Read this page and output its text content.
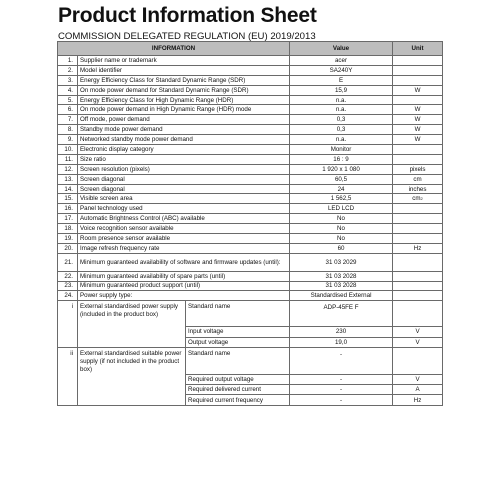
Product Information Sheet
COMMISSION DELEGATED REGULATION (EU) 2019/2013
INFORMATION			Value	Unit
1.	Supplier name or trademark		acer	
2.	Model identifier		SA240Y	
3.	Energy Efficiency Class for Standard Dynamic Range (SDR)		E	
4.	On mode power demand for Standard Dynamic Range (SDR)		15,9	W
5.	Energy Efficiency Class for High Dynamic Range (HDR)		n.a.	
6.	On mode power demand in High Dynamic Range (HDR) mode		n.a.	W
7.	Off mode, power demand		0,3	W
8.	Standby mode power demand		0,3	W
9.	Networked standby mode power demand		n.a.	W
10.	Electronic display category		Monitor	
11.	Size ratio		16 : 9	
12.	Screen resolution (pixels)		1 920 x 1 080	pixels
13.	Screen diagonal		60,5	cm
14.	Screen diagonal		24	inches
15.	Visible screen area		1 562,5	$cm^2$
16.	Panel technology used		LED LCD	
17.	Automatic Brightness Control (ABC) available		No	
18.	Voice recognition sensor available		No	
19.	Room presence sensor available		No	
20.	Image refresh frequency rate		60	Hz
21.	Minimum guaranteed availability of software and firmware updates (until):		31 03 2029	
22.	Minimum guaranteed availability of spare parts (until)		31 03 2028	
23.	Minimum guaranteed product support (until)		31 03 2028	
24.	Power supply type:		Standardised External	
i	External standardised power supply (included in the product box)	Standard name	ADP-45FE F	
		Input voltage	230	V
		Output voltage	19,0	V
ii	External standardised suitable power supply (if not included in the product box)	Standard name	-	
		Required output voltage	-	V
		Required delivered current	-	A
		Required current frequency	-	Hz
